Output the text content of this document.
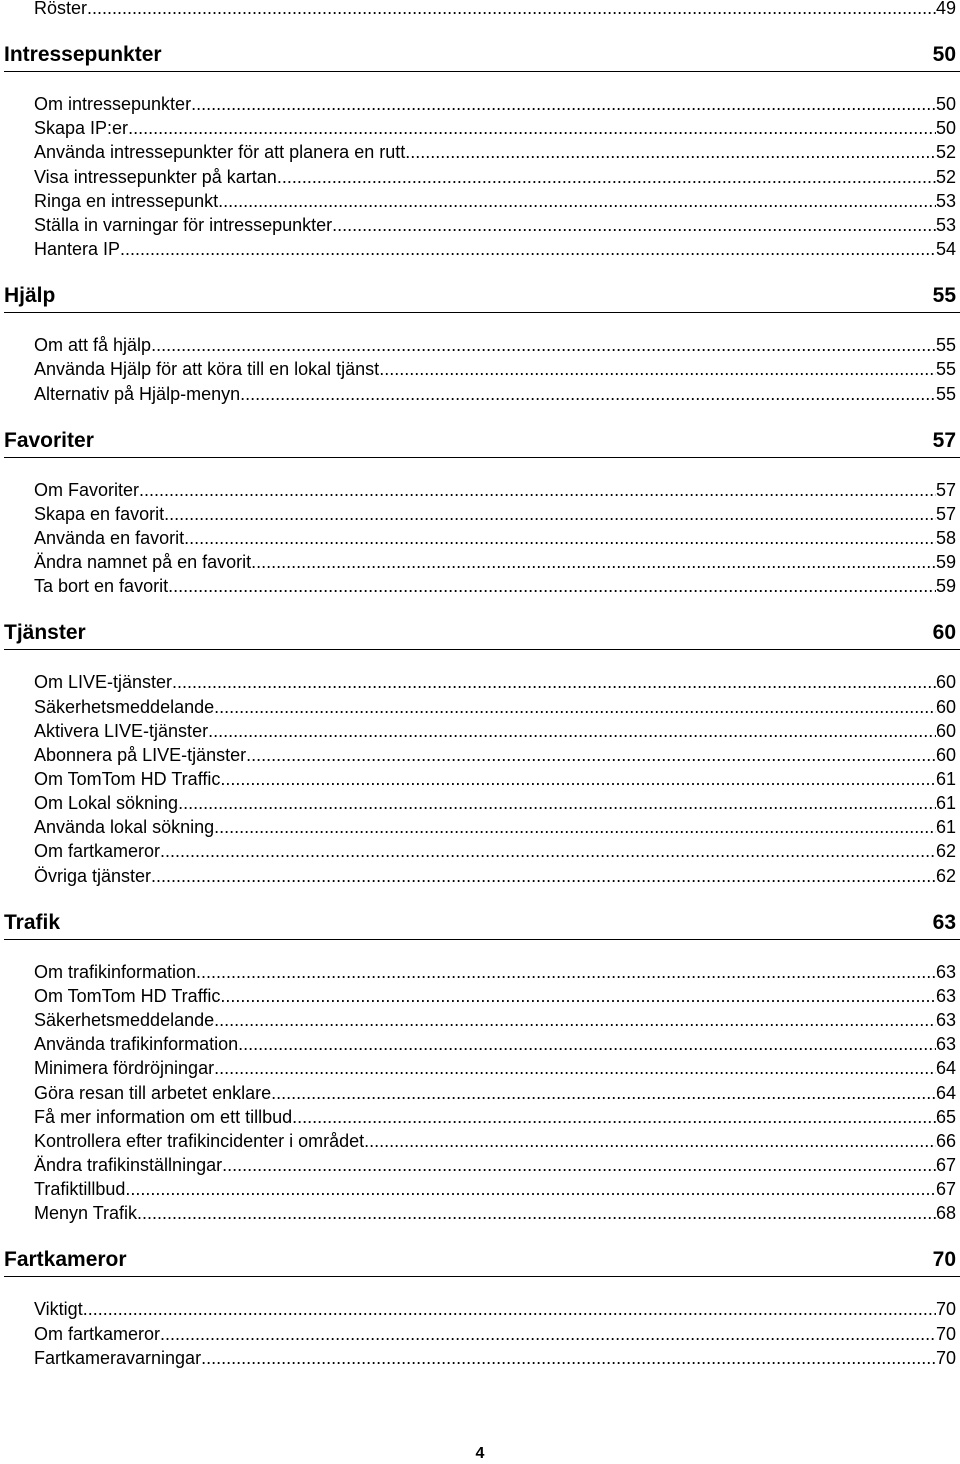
Röster .....	49
Intressepunkter	50
Om intressepunkter .....	50
Skapa IP:er .....	50
Använda intressepunkter för att planera en rutt .....	52
Visa intressepunkter på kartan .....	52
Ringa en intressepunkt .....	53
Ställa in varningar för intressepunkter .....	53
Hantera IP .....	54
Hjälp	55
Om att få hjälp .....	55
Använda Hjälp för att köra till en lokal tjänst .....	55
Alternativ på Hjälp-menyn .....	55
Favoriter	57
Om Favoriter .....	57
Skapa en favorit .....	57
Använda en favorit .....	58
Ändra namnet på en favorit .....	59
Ta bort en favorit .....	59
Tjänster	60
Om LIVE-tjänster .....	60
Säkerhetsmeddelande .....	60
Aktivera LIVE-tjänster .....	60
Abonnera på LIVE-tjänster .....	60
Om TomTom HD Traffic .....	61
Om Lokal sökning .....	61
Använda lokal sökning .....	61
Om fartkameror .....	62
Övriga tjänster .....	62
Trafik	63
Om trafikinformation .....	63
Om TomTom HD Traffic .....	63
Säkerhetsmeddelande .....	63
Använda trafikinformation .....	63
Minimera fördröjningar .....	64
Göra resan till arbetet enklare .....	64
Få mer information om ett tillbud .....	65
Kontrollera efter trafikincidenter i området .....	66
Ändra trafikinställningar .....	67
Trafiktillbud .....	67
Menyn Trafik .....	68
Fartkameror	70
Viktigt .....	70
Om fartkameror .....	70
Fartkameravarningar .....	70
4
